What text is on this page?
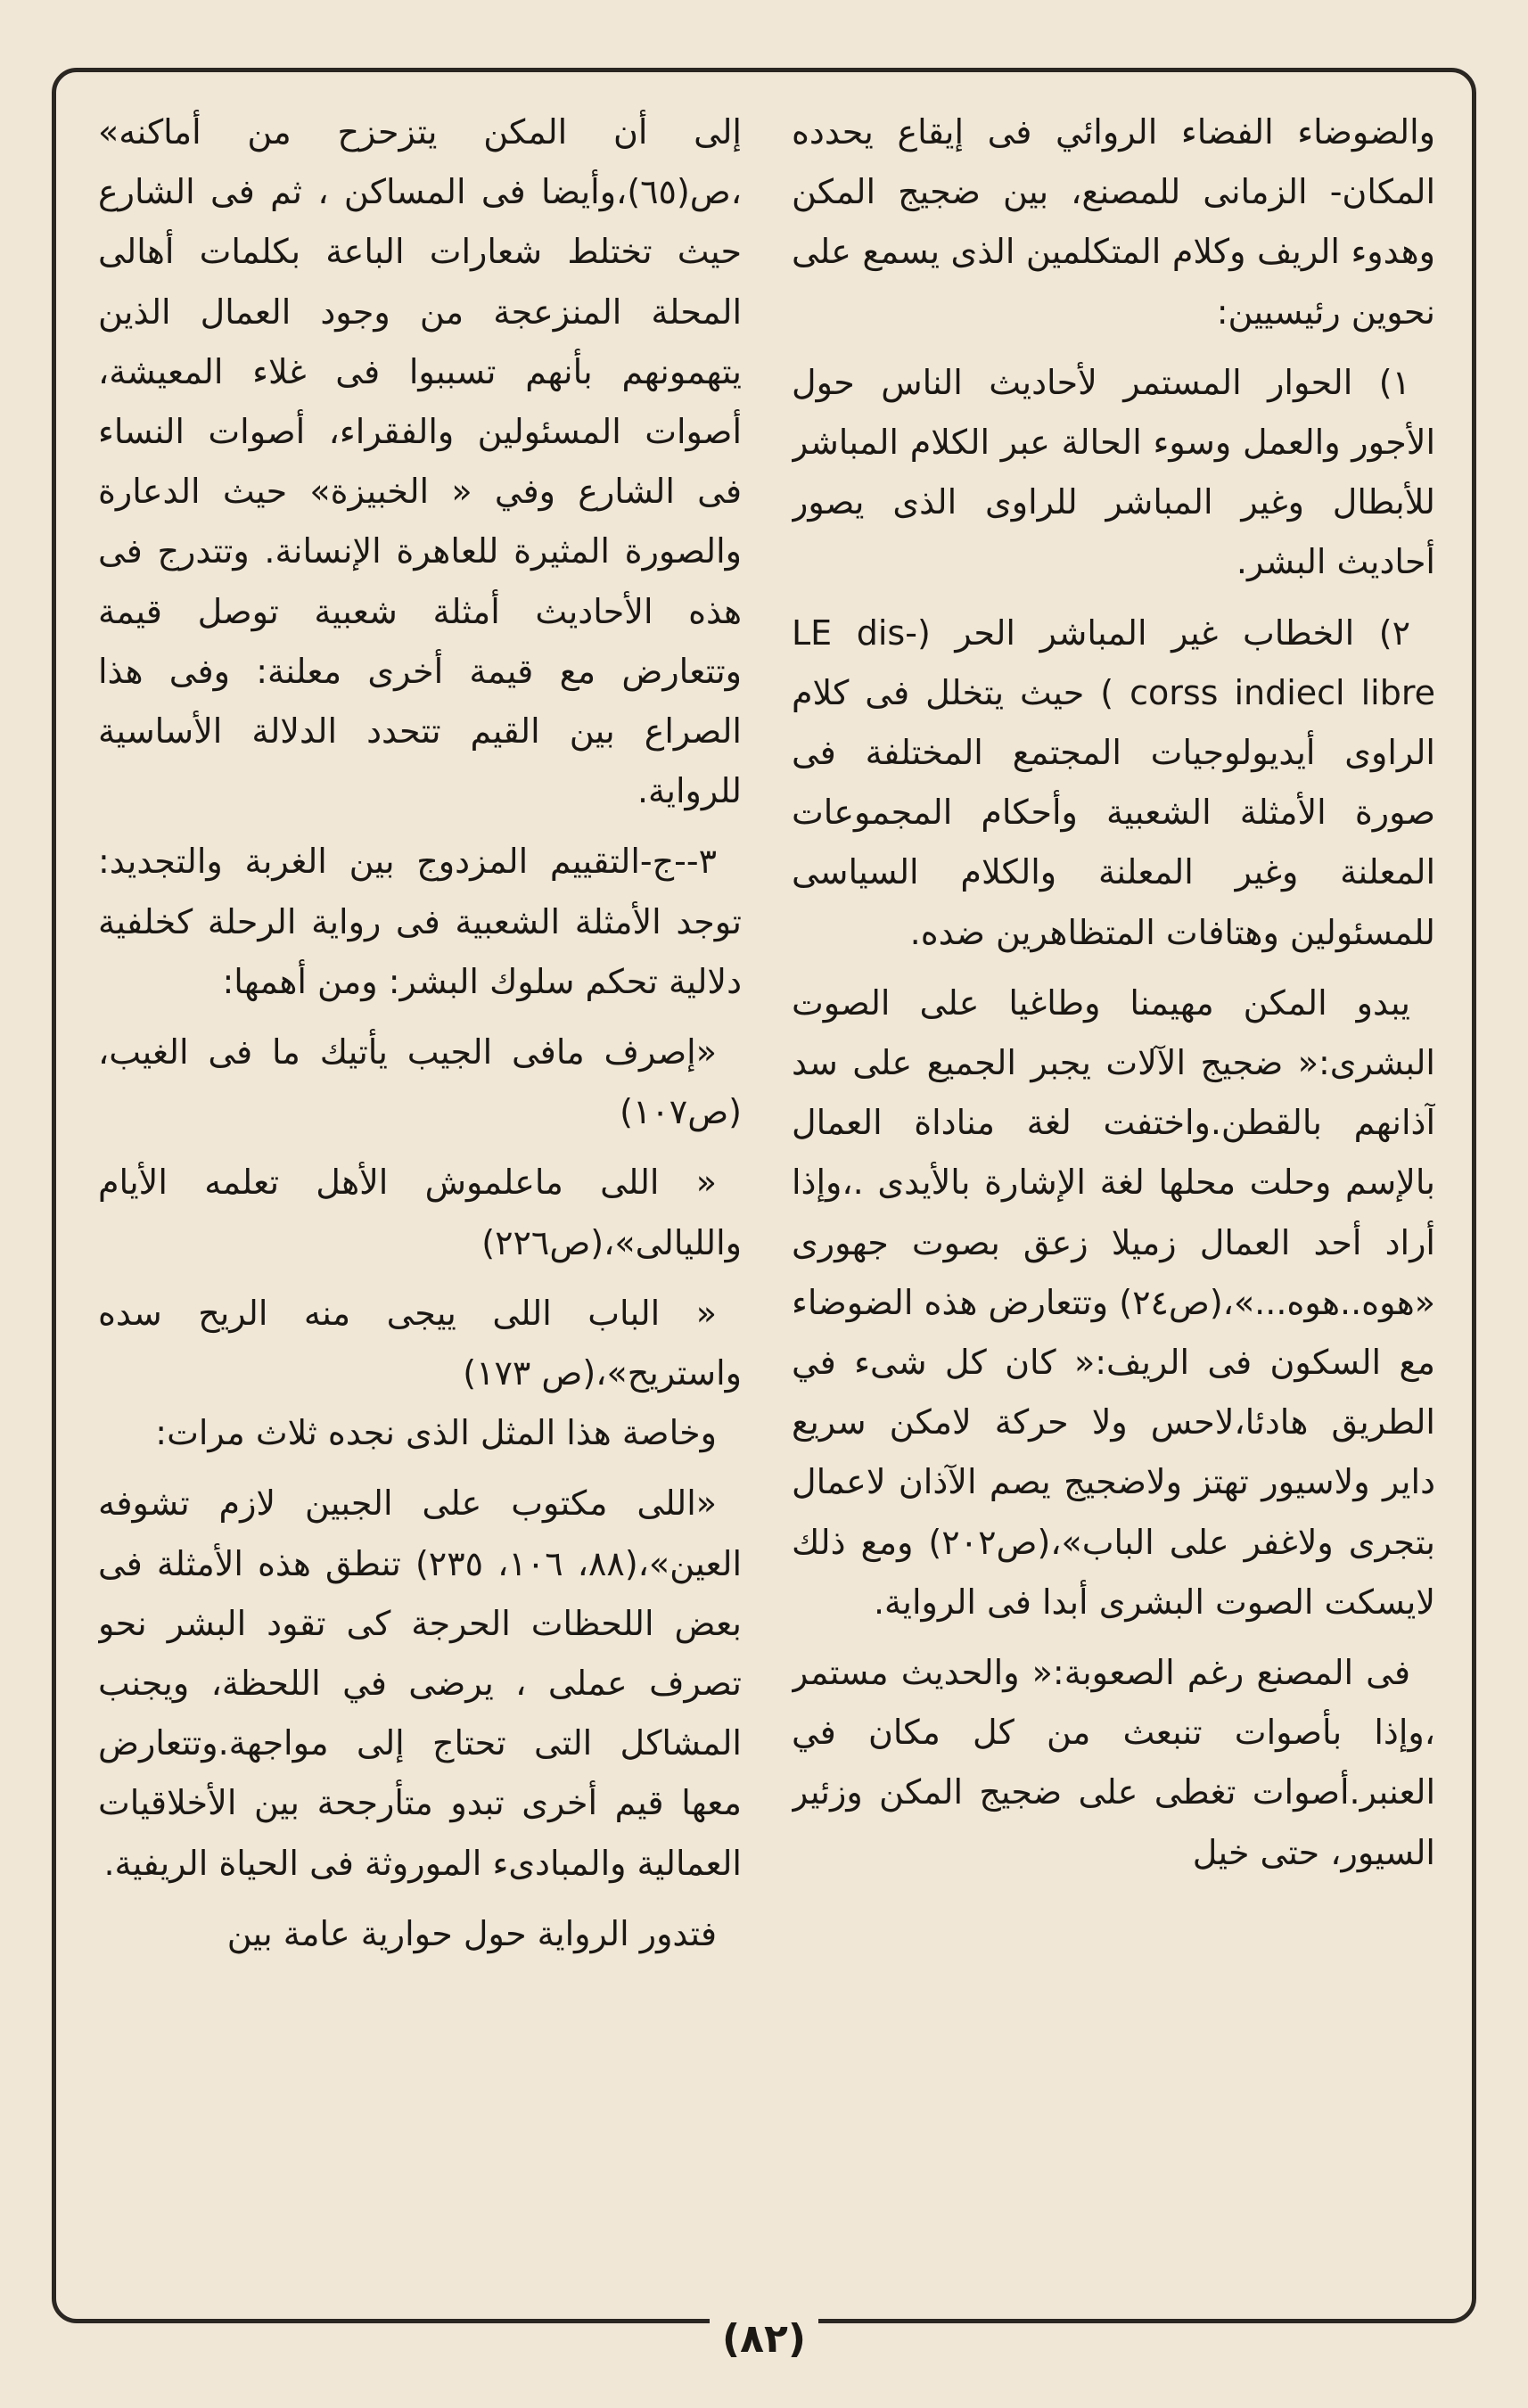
والضوضاء الفضاء الروائي فى إيقاع يحدده المكان- الزمانى للمصنع، بين ضجيج المكن وهدوء الريف وكلام المتكلمين الذى يسمع على نحوين رئيسيين:

١) الحوار المستمر لأحاديث الناس حول الأجور والعمل وسوء الحالة عبر الكلام المباشر للأبطال وغير المباشر للراوى الذى يصور أحاديث البشر.

٢) الخطاب غير المباشر الحر (LE dis- corss indiecl libre ) حيث يتخلل فى كلام الراوى أيديولوجيات المجتمع المختلفة فى صورة الأمثلة الشعبية وأحكام المجموعات المعلنة وغير المعلنة والكلام السياسى للمسئولين وهتافات المتظاهرين ضده.

يبدو المكن مهيمنا وطاغيا على الصوت البشرى:« ضجيج الآلات يجبر الجميع على سد آذانهم بالقطن.واختفت لغة مناداة العمال بالإسم وحلت محلها لغة الإشارة بالأيدى .،وإذا أراد أحد العمال زميلا زعق بصوت جهورى «هوه..هوه...»،(ص٢٤) وتتعارض هذه الضوضاء مع السكون فى الريف:« كان كل شىء في الطريق هادئا،لاحس ولا حركة لامكن سريع داير ولاسيور تهتز ولاضجيج يصم الآذان لاعمال بتجرى ولاغفر على الباب»،(ص٢٠٢) ومع ذلك لايسكت الصوت البشرى أبدا فى الرواية.

فى المصنع رغم الصعوبة:« والحديث مستمر ،وإذا بأصوات تنبعث من كل مكان في العنبر.أصوات تغطى على ضجيج المكن وزئير السيور، حتى خيل

إلى أن المكن يتزحزح من أماكنه» ،ص(٦٥)،وأيضا فى المساكن ، ثم فى الشارع حيث تختلط شعارات الباعة بكلمات أهالى المحلة المنزعجة من وجود العمال الذين يتهمونهم بأنهم تسببوا فى غلاء المعيشة، أصوات المسئولين والفقراء، أصوات النساء فى الشارع وفي « الخبيزة» حيث الدعارة والصورة المثيرة للعاهرة الإنسانة. وتتدرج فى هذه الأحاديث أمثلة شعبية توصل قيمة وتتعارض مع قيمة أخرى معلنة: وفى هذا الصراع بين القيم تتحدد الدلالة الأساسية للرواية.

٣--ج-التقييم المزدوج بين الغربة والتجديد: توجد الأمثلة الشعبية فى رواية الرحلة كخلفية دلالية تحكم سلوك البشر: ومن أهمها:

«إصرف مافى الجيب يأتيك ما فى الغيب،(ص١٠٧)

« اللى ماعلموش الأهل تعلمه الأيام والليالى»،(ص٢٢٦)

« الباب اللى ييجى منه الريح سده واستريح»،(ص ١٧٣)

وخاصة هذا المثل الذى نجده ثلاث مرات:

«اللى مكتوب على الجبين لازم تشوفه العين»،(٨٨، ١٠٦، ٢٣٥) تنطق هذه الأمثلة فى بعض اللحظات الحرجة كى تقود البشر نحو تصرف عملى ، يرضى في اللحظة، ويجنب المشاكل التى تحتاج إلى مواجهة.وتتعارض معها قيم أخرى تبدو متأرجحة بين الأخلاقيات العمالية والمبادىء الموروثة فى الحياة الريفية.

فتدور الرواية حول حوارية عامة بين

(٨٢)
